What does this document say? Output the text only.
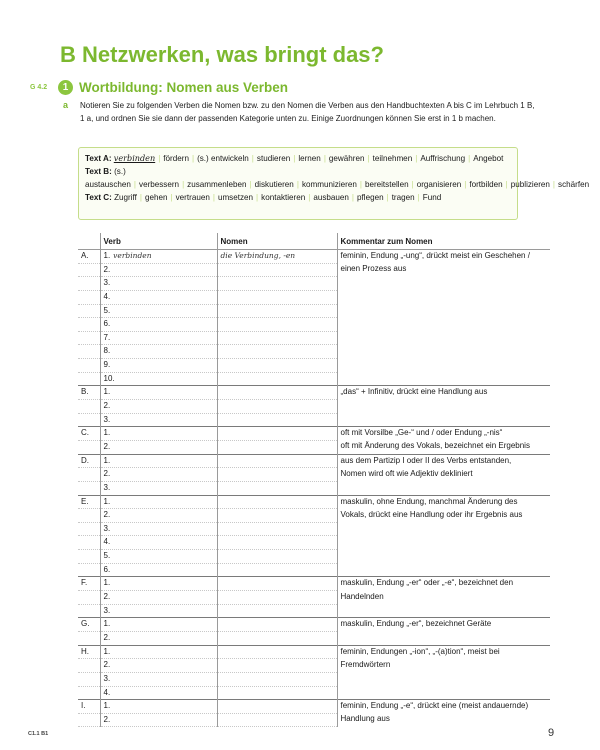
B Netzwerken, was bringt das?
G 4.2	1 Wortbildung: Nomen aus Verben
a Notieren Sie zu folgenden Verben die Nomen bzw. zu den Nomen die Verben aus den Handbuchtexten A bis C im Lehrbuch 1 B, 1 a, und ordnen Sie sie dann der passenden Kategorie unten zu. Einige Zuordnungen können Sie erst in 1 b machen.
Text A: verbinden | fördern | (s.) entwickeln | studieren | lernen | gewähren | teilnehmen | Auffrischung | Angebot
Text B: (s.) austauschen | verbessern | zusammenleben | diskutieren | kommunizieren | bereitstellen | organisieren | fortbilden | publizieren | schärfen
Text C: Zugriff | gehen | vertrauen | umsetzen | kontaktieren | ausbauen | pflegen | tragen | Fund
	Verb	Nomen	Kommentar zum Nomen
A.	1. verbinden	die Verbindung, -en	feminin, Endung „-ung“, drückt meist ein Geschehen /
	2.		einen Prozess aus
	3.		
	4.		
	5.		
	6.		
	7.		
	8.		
	9.		
	10.		
B.	1.		„das“ + Infinitiv, drückt eine Handlung aus
	2.		
	3.		
C.	1.		oft mit Vorsilbe „Ge-“ und / oder Endung „-nis“
	2.		oft mit Änderung des Vokals, bezeichnet ein Ergebnis
D.	1.		aus dem Partizip I oder II des Verbs entstanden,
	2.		Nomen wird oft wie Adjektiv dekliniert
	3.		
E.	1.		maskulin, ohne Endung, manchmal Änderung des
	2.		Vokals, drückt eine Handlung oder ihr Ergebnis aus
	3.		
	4.		
	5.		
	6.		
F.	1.		maskulin, Endung „-er“ oder „-e“, bezeichnet den
	2.		Handelnden
	3.		
G.	1.		maskulin, Endung „-er“, bezeichnet Geräte
	2.		
H.	1.		feminin, Endungen „-ion“, „-(a)tion“, meist bei
	2.		Fremdwörtern
	3.		
	4.		
I.	1.		feminin, Endung „-e“, drückt eine (meist andauernde)
	2.		Handlung aus
C1.1 B1	9
